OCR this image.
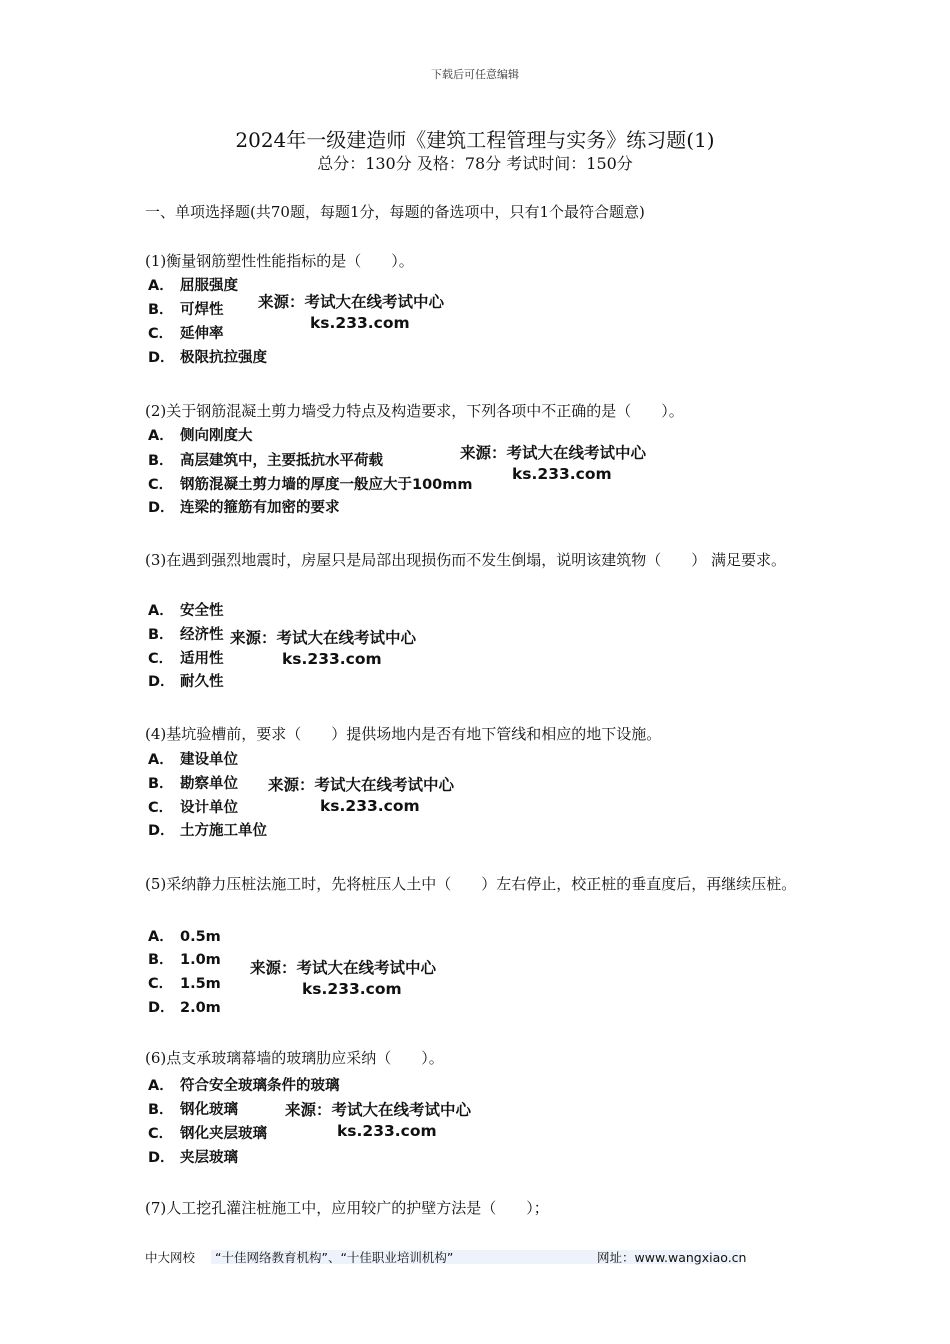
下载后可任意编辑
2024年一级建造师《建筑工程管理与实务》练习题(1)
总分：130分 及格：78分 考试时间：150分
一、单项选择题(共70题，每题1分，每题的备选项中，只有1个最符合题意)
(1)衡量钢筋塑性性能指标的是（　　）。
A． 屈服强度
B． 可焊性
C． 延伸率
D． 极限抗拉强度
来源：考试大在线考试中心
ks.233.com
(2)关于钢筋混凝土剪力墙受力特点及构造要求，下列各项中不正确的是（　　）。
A． 侧向刚度大
B． 高层建筑中，主要抵抗水平荷载
C． 钢筋混凝土剪力墙的厚度一般应大于100mm
D． 连梁的箍筋有加密的要求
来源：考试大在线考试中心
ks.233.com
(3)在遇到强烈地震时，房屋只是局部出现损伤而不发生倒塌，说明该建筑物（　　） 满足要求。
A． 安全性
B． 经济性
C． 适用性
D． 耐久性
来源：考试大在线考试中心
ks.233.com
(4)基坑验槽前，要求（　　）提供场地内是否有地下管线和相应的地下设施。
A． 建设单位
B． 勘察单位
C． 设计单位
D． 土方施工单位
来源：考试大在线考试中心
ks.233.com
(5)采纳静力压桩法施工时，先将桩压人土中（　　）左右停止，校正桩的垂直度后，再继续压桩。
A． 0.5m
B． 1.0m
C． 1.5m
D． 2.0m
来源：考试大在线考试中心
ks.233.com
(6)点支承玻璃幕墙的玻璃肋应采纳（　　）。
A． 符合安全玻璃条件的玻璃
B． 钢化玻璃
C． 钢化夹层玻璃
D． 夹层玻璃
来源：考试大在线考试中心
ks.233.com
(7)人工挖孔灌注桩施工中，应用较广的护壁方法是（　　）；
中大网校 “十佳网络教育机构”、“十佳职业培训机构”	网址：www.wangxiao.cn
